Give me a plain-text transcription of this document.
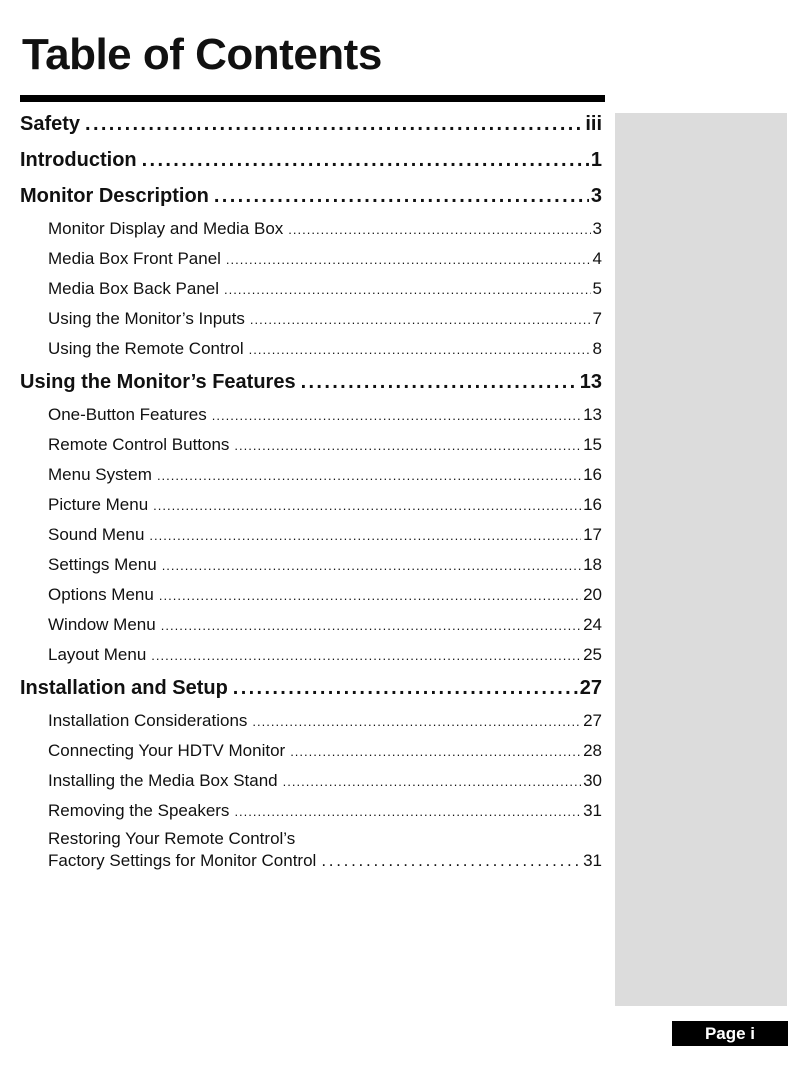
Table of Contents
Safety . . .	iii
Introduction . . .	1
Monitor Description . . .	3
Monitor Display and Media Box . . .	3
Media Box Front Panel . . .	4
Media Box Back Panel . . .	5
Using the Monitor’s Inputs . . .	7
Using the Remote Control . . .	8
Using the Monitor’s Features . . .	13
One-Button Features . . .	13
Remote Control Buttons . . .	15
Menu System . . .	16
Picture Menu . . .	16
Sound Menu . . .	17
Settings Menu . . .	18
Options Menu . . .	20
Window Menu . . .	24
Layout Menu . . .	25
Installation and Setup . . .	27
Installation Considerations . . .	27
Connecting Your HDTV Monitor . . .	28
Installing the Media Box Stand . . .	30
Removing the Speakers . . .	31
Restoring Your Remote Control’s
Factory Settings for Monitor Control . . .	31
Page i
